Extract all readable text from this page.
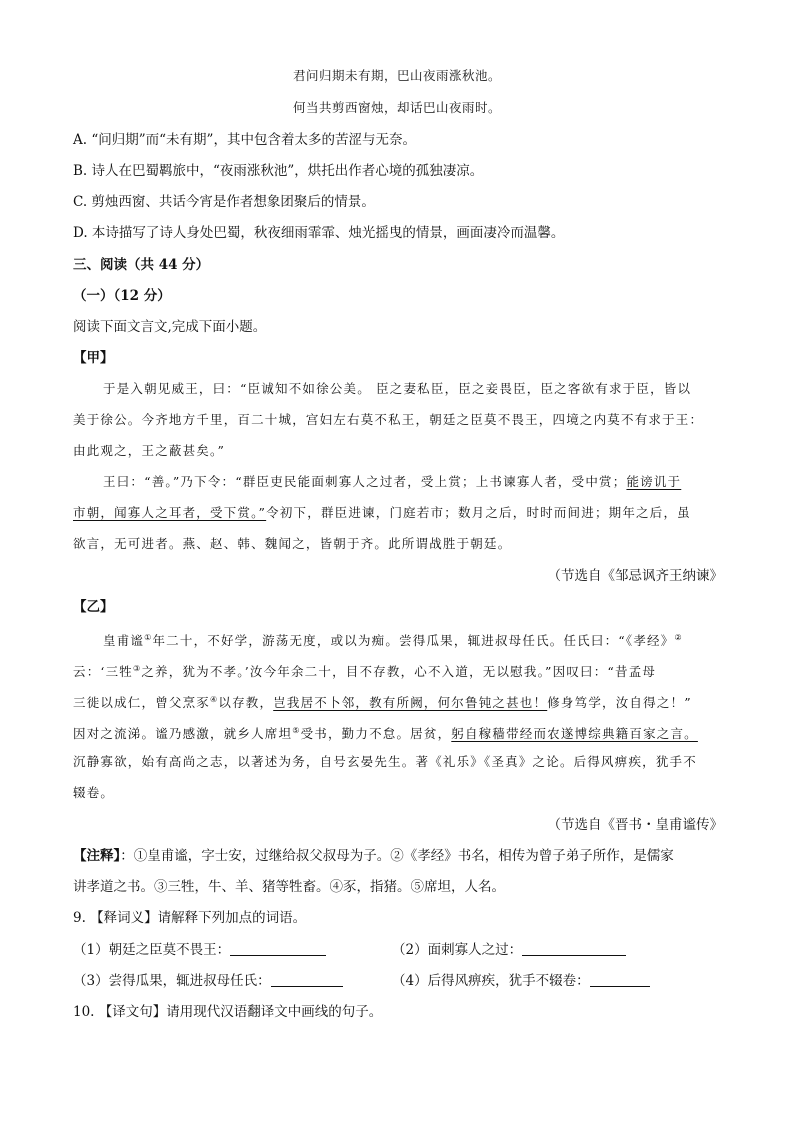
君问归期未有期，巴山夜雨涨秋池。
何当共剪西窗烛，却话巴山夜雨时。
A. “问归期”而“未有期”，其中包含着太多的苦涩与无奈。
B. 诗人在巴蜀羁旅中，“夜雨涨秋池”，烘托出作者心境的孤独凄凉。
C. 剪烛西窗、共话今宵是作者想象团聚后的情景。
D. 本诗描写了诗人身处巴蜀，秋夜细雨霏霏、烛光摇曳的情景，画面凄冷而温馨。
三、阅读（共 44 分）
（一）（12 分）
阅读下面文言文,完成下面小题。
【甲】
于是入朝见威王，曰：“臣诚知不如徐公美。 臣之妻私臣，臣之妾畏臣，臣之客欲有求于臣，皆以
美于徐公。今齐地方千里，百二十城，宫妇左右莫不私王，朝廷之臣莫不畏王，四境之内莫不有求于王：
由此观之，王之蔽甚矣。”
王曰：“善。”乃下令：“群臣吏民能面刺寡人之过者，受上赏；上书谏寡人者，受中赏；能谤讥于
市朝，闻寡人之耳者，受下赏。”令初下，群臣进谏，门庭若市；数月之后，时时而间进；期年之后，虽
欲言，无可进者。燕、赵、韩、魏闻之，皆朝于齐。此所谓战胜于朝廷。
（节选自《邹忌讽齐王纳谏》
【乙】
皇甫谧①年二十，不好学，游荡无度，或以为痴。尝得瓜果，辄进叔母任氏。任氏曰：“《孝经》②
云：‘三牲③之养，犹为不孝。’汝今年余二十，目不存教，心不入道，无以慰我。”因叹曰：“昔孟母
三徙以成仁，曾父烹豕④以存教，岂我居不卜邻，教有所阙，何尔鲁钝之甚也！修身笃学，汝自得之！”
因对之流涕。谧乃感激，就乡人席坦⑤受书，勤力不怠。居贫，躬自稼穑带经而农遂博综典籍百家之言。
沉静寡欲，始有高尚之志，以著述为务，自号玄晏先生。著《礼乐》《圣真》之论。后得风痹疾，犹手不
辍卷。
（节选自《晋书・皇甫谧传》
【注释】：①皇甫谧，字士安，过继给叔父叔母为子。②《孝经》书名，相传为曾子弟子所作，是儒家
讲孝道之书。③三牲，牛、羊、猪等牲畜。④豕，指猪。⑤席坦，人名。
9. 【释词义】请解释下列加点的词语。
（1）朝廷之臣莫不畏王：	（2）面刺寡人之过：
（3）尝得瓜果，辄进叔母任氏：	（4）后得风痹疾，犹手不辍卷：
10. 【译文句】请用现代汉语翻译文中画线的句子。
